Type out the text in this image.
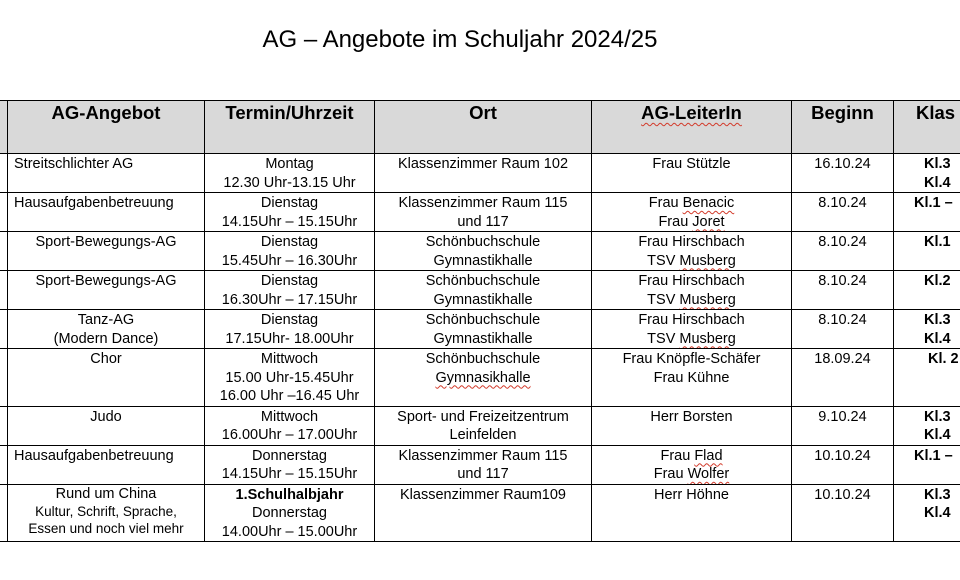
AG – Angebote im Schuljahr 2024/25
	AG-Angebot	Termin/Uhrzeit	Ort	AG-LeiterIn	Beginn	Klas

	Streitschlichter AG	Montag
12.30 Uhr-13.15 Uhr	Klassenzimmer Raum 102	Frau Stützle	16.10.24	Kl.3
Kl.4

	Hausaufgabenbetreuung	Dienstag
14.15Uhr – 15.15Uhr	Klassenzimmer Raum 115
und 117	Frau Benacic
Frau Joret	8.10.24	Kl.1 –

	Sport-Bewegungs-AG	Dienstag
15.45Uhr – 16.30Uhr	Schönbuchschule
Gymnastikhalle	Frau Hirschbach
TSV Musberg	8.10.24	Kl.1

	Sport-Bewegungs-AG	Dienstag
16.30Uhr – 17.15Uhr	Schönbuchschule
Gymnastikhalle	Frau Hirschbach
TSV Musberg	8.10.24	Kl.2

	Tanz-AG
(Modern Dance)	Dienstag
17.15Uhr- 18.00Uhr	Schönbuchschule
Gymnastikhalle	Frau Hirschbach
TSV Musberg	8.10.24	Kl.3
Kl.4

	Chor	Mittwoch
15.00 Uhr-15.45Uhr
16.00 Uhr –16.45 Uhr	Schönbuchschule
Gymnasikhalle	Frau Knöpfle-Schäfer
Frau Kühne	18.09.24	Kl. 2

	Judo	Mittwoch
16.00Uhr – 17.00Uhr	Sport- und Freizeitzentrum
Leinfelden	Herr Borsten	9.10.24	Kl.3
Kl.4

	Hausaufgabenbetreuung	Donnerstag
14.15Uhr – 15.15Uhr	Klassenzimmer Raum 115
und 117	Frau Flad
Frau Wolfer	10.10.24	Kl.1 –

	Rund um China
Kultur, Schrift, Sprache,
Essen und noch viel mehr	1.Schulhalbjahr
Donnerstag
14.00Uhr – 15.00Uhr	Klassenzimmer Raum109	Herr Höhne	10.10.24	Kl.3
Kl.4
